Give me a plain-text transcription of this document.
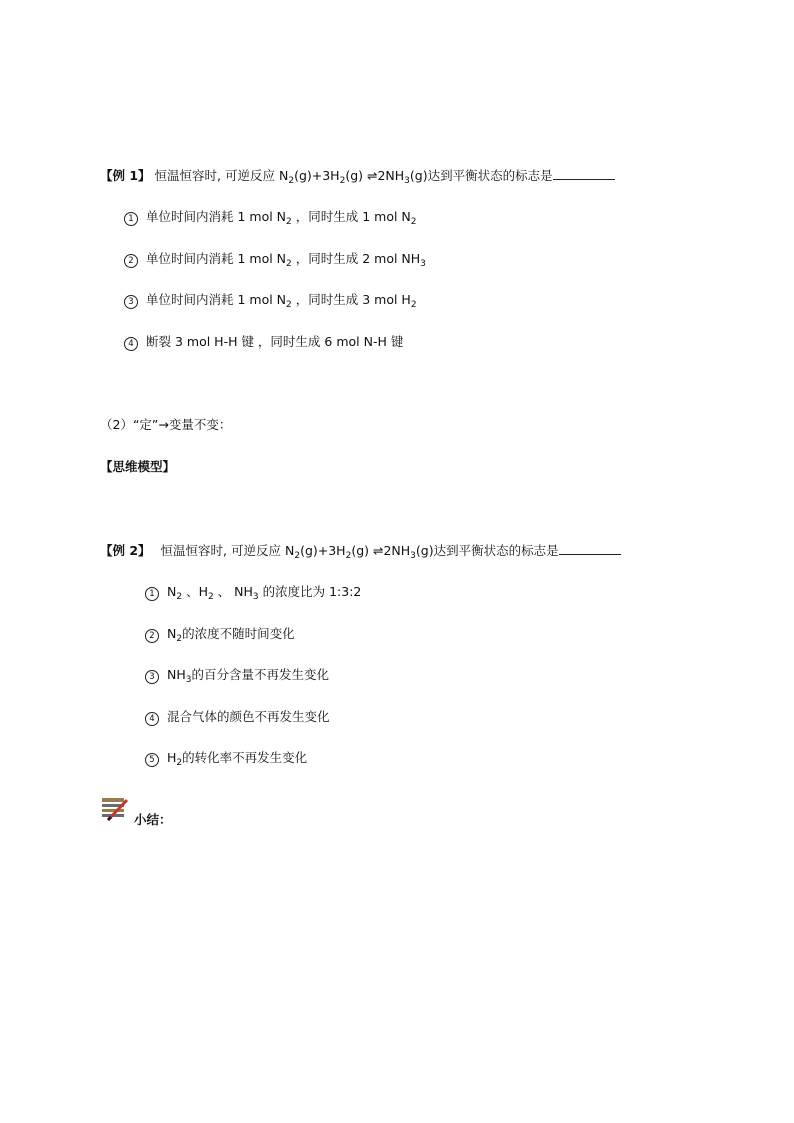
【例 1】 恒温恒容时, 可逆反应 $N_2(g)+3H_2(g)$ $\rightleftharpoons 2NH_3(g)$达到平衡状态的标志是
1 单位时间内消耗 1 mol $N_2$ ，同时生成 1 mol $N_2$
2 单位时间内消耗 1 mol $N_2$ ，同时生成 2 mol $NH_3$
3 单位时间内消耗 1 mol $N_2$ ，同时生成 3 mol $H_2$
4 断裂 3 mol H-H 键 ，同时生成 6 mol N-H 键
（2）“定”→变量不变：
【思维模型】
【例 2】 恒温恒容时, 可逆反应 $N_2(g)+3H_2(g)$ $\rightleftharpoons 2NH_3(g)$达到平衡状态的标志是
1 $N_2$ 、$H_2$ 、 $NH_3$ 的浓度比为 1:3:2
2 $N_2$的浓度不随时间变化
3 $NH_3$的百分含量不再发生变化
4 混合气体的颜色不再发生变化
5 $H_2$的转化率不再发生变化
小结：
